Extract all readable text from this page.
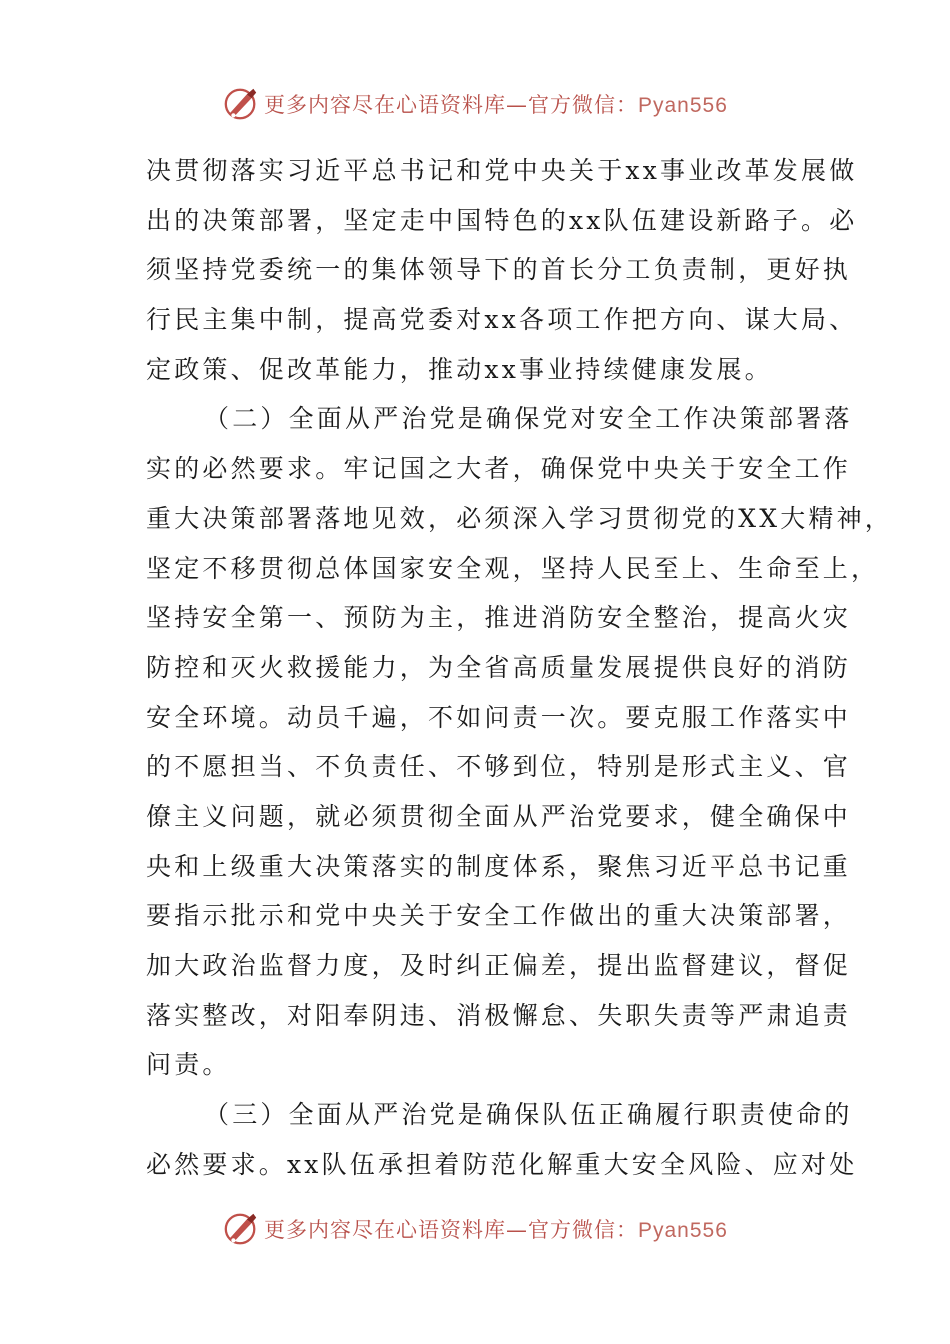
更多内容尽在心语资料库—官方微信：Pyan556
决贯彻落实习近平总书记和党中央关于xx事业改革发展做
出的决策部署，坚定走中国特色的xx队伍建设新路子。必
须坚持党委统一的集体领导下的首长分工负责制，更好执
行民主集中制，提高党委对xx各项工作把方向、谋大局、
定政策、促改革能力，推动xx事业持续健康发展。
（二）全面从严治党是确保党对安全工作决策部署落
实的必然要求。牢记国之大者，确保党中央关于安全工作
重大决策部署落地见效，必须深入学习贯彻党的XX大精神，
坚定不移贯彻总体国家安全观，坚持人民至上、生命至上，
坚持安全第一、预防为主，推进消防安全整治，提高火灾
防控和灭火救援能力，为全省高质量发展提供良好的消防
安全环境。动员千遍，不如问责一次。要克服工作落实中
的不愿担当、不负责任、不够到位，特别是形式主义、官
僚主义问题，就必须贯彻全面从严治党要求，健全确保中
央和上级重大决策落实的制度体系，聚焦习近平总书记重
要指示批示和党中央关于安全工作做出的重大决策部署，
加大政治监督力度，及时纠正偏差，提出监督建议，督促
落实整改，对阳奉阴违、消极懈怠、失职失责等严肃追责
问责。
（三）全面从严治党是确保队伍正确履行职责使命的
必然要求。xx队伍承担着防范化解重大安全风险、应对处
更多内容尽在心语资料库—官方微信：Pyan556
